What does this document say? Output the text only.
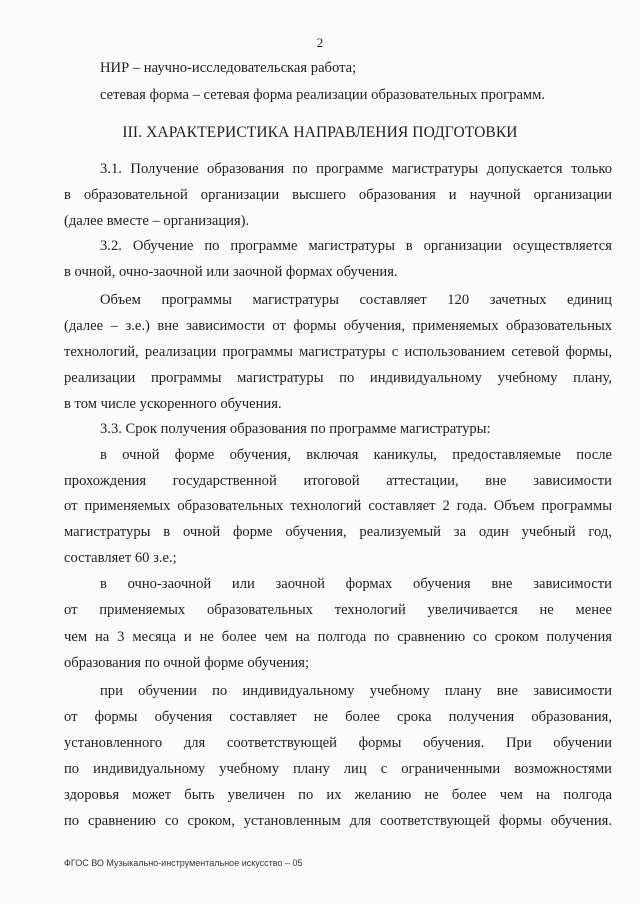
2
НИР – научно-исследовательская работа;
сетевая форма – сетевая форма реализации образовательных программ.
III. ХАРАКТЕРИСТИКА НАПРАВЛЕНИЯ ПОДГОТОВКИ
3.1. Получение образования по программе магистратуры допускается только
в образовательной организации высшего образования и научной организации
(далее вместе – организация).
3.2. Обучение по программе магистратуры в организации осуществляется
в очной, очно-заочной или заочной формах обучения.
Объем программы магистратуры составляет 120 зачетных единиц
(далее – з.е.) вне зависимости от формы обучения, применяемых образовательных
технологий, реализации программы магистратуры с использованием сетевой формы,
реализации программы магистратуры по индивидуальному учебному плану,
в том числе ускоренного обучения.
3.3. Срок получения образования по программе магистратуры:
в очной форме обучения, включая каникулы, предоставляемые после
прохождения государственной итоговой аттестации, вне зависимости
от применяемых образовательных технологий составляет 2 года. Объем программы
магистратуры в очной форме обучения, реализуемый за один учебный год,
составляет 60 з.е.;
в очно-заочной или заочной формах обучения вне зависимости
от применяемых образовательных технологий увеличивается не менее
чем на 3 месяца и не более чем на полгода по сравнению со сроком получения
образования по очной форме обучения;
при обучении по индивидуальному учебному плану вне зависимости
от формы обучения составляет не более срока получения образования,
установленного для соответствующей формы обучения. При обучении
по индивидуальному учебному плану лиц с ограниченными возможностями
здоровья может быть увеличен по их желанию не более чем на полгода
по сравнению со сроком, установленным для соответствующей формы обучения.
ФГОС ВО Музыкально-инструментальное искусство – 05
